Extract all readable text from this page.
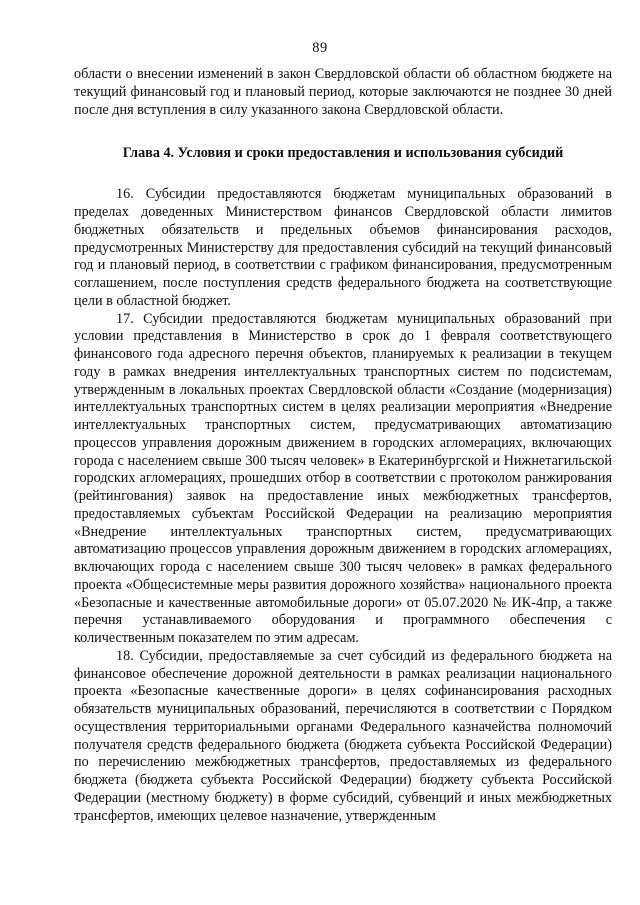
89

области о внесении изменений в закон Свердловской области об областном бюджете на текущий финансовый год и плановый период, которые заключаются не позднее 30 дней после дня вступления в силу указанного закона Свердловской области.

Глава 4. Условия и сроки предоставления и использования субсидий

16. Субсидии предоставляются бюджетам муниципальных образований в пределах доведенных Министерством финансов Свердловской области лимитов бюджетных обязательств и предельных объемов финансирования расходов, предусмотренных Министерству для предоставления субсидий на текущий финансовый год и плановый период, в соответствии с графиком финансирования, предусмотренным соглашением, после поступления средств федерального бюджета на соответствующие цели в областной бюджет.

17. Субсидии предоставляются бюджетам муниципальных образований при условии представления в Министерство в срок до 1 февраля соответствующего финансового года адресного перечня объектов, планируемых к реализации в текущем году в рамках внедрения интеллектуальных транспортных систем по подсистемам, утвержденным в локальных проектах Свердловской области «Создание (модернизация) интеллектуальных транспортных систем в целях реализации мероприятия «Внедрение интеллектуальных транспортных систем, предусматривающих автоматизацию процессов управления дорожным движением в городских агломерациях, включающих города с населением свыше 300 тысяч человек» в Екатеринбургской и Нижнетагильской городских агломерациях, прошедших отбор в соответствии с протоколом ранжирования (рейтингования) заявок на предоставление иных межбюджетных трансфертов, предоставляемых субъектам Российской Федерации на реализацию мероприятия «Внедрение интеллектуальных транспортных систем, предусматривающих автоматизацию процессов управления дорожным движением в городских агломерациях, включающих города с населением свыше 300 тысяч человек» в рамках федерального проекта «Общесистемные меры развития дорожного хозяйства» национального проекта «Безопасные и качественные автомобильные дороги» от 05.07.2020 № ИК-4пр, а также перечня устанавливаемого оборудования и программного обеспечения с количественным показателем по этим адресам.

18. Субсидии, предоставляемые за счет субсидий из федерального бюджета на финансовое обеспечение дорожной деятельности в рамках реализации национального проекта «Безопасные качественные дороги» в целях софинансирования расходных обязательств муниципальных образований, перечисляются в соответствии с Порядком осуществления территориальными органами Федерального казначейства полномочий получателя средств федерального бюджета (бюджета субъекта Российской Федерации) по перечислению межбюджетных трансфертов, предоставляемых из федерального бюджета (бюджета субъекта Российской Федерации) бюджету субъекта Российской Федерации (местному бюджету) в форме субсидий, субвенций и иных межбюджетных трансфертов, имеющих целевое назначение, утвержденным
